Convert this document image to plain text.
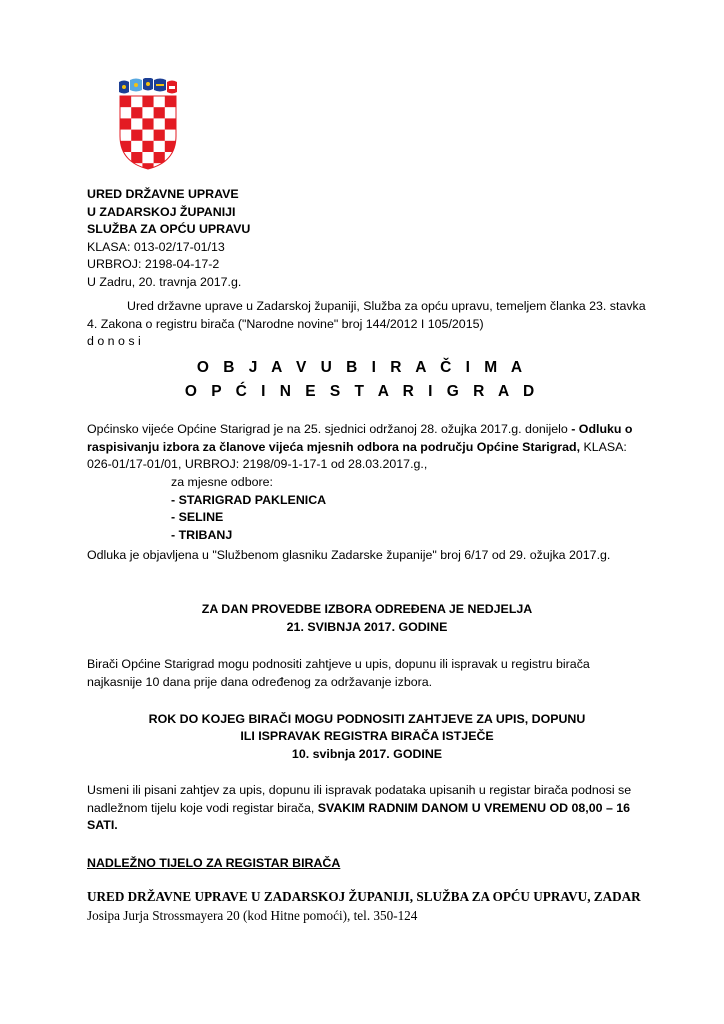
URED DRŽAVNE UPRAVE
U ZADARSKOJ ŽUPANIJI
SLUŽBA ZA OPĆU UPRAVU
KLASA: 013-02/17-01/13
URBROJ: 2198-04-17-2
U Zadru, 20. travnja 2017.g.
Ured državne uprave u Zadarskoj županiji, Služba za opću upravu, temeljem članka 23. stavka 4. Zakona o registru birača ("Narodne novine" broj 144/2012 I 105/2015)
d o n o s i
O B J A V U B I R A Č I M A
O P Ć I N E S T A R I G R A D
Općinsko vijeće Općine Starigrad je na 25. sjednici održanoj 28. ožujka 2017.g. donijelo - Odluku o raspisivanju izbora za članove vijeća mjesnih odbora na području Općine Starigrad, KLASA: 026-01/17-01/01, URBROJ: 2198/09-1-17-1 od 28.03.2017.g.,
za mjesne odbore:
- STARIGRAD PAKLENICA
- SELINE
- TRIBANJ
Odluka je objavljena u "Službenom glasniku Zadarske županije" broj 6/17 od 29. ožujka 2017.g.
ZA DAN PROVEDBE IZBORA ODREĐENA JE NEDJELJA
21. SVIBNJA 2017. GODINE
Birači Općine Starigrad mogu podnositi zahtjeve u upis, dopunu ili ispravak u registru birača najkasnije 10 dana prije dana određenog za održavanje izbora.
ROK DO KOJEG BIRAČI MOGU PODNOSITI ZAHTJEVE ZA UPIS, DOPUNU
ILI ISPRAVAK REGISTRA BIRAČA ISTJEČE
10. svibnja 2017. GODINE
Usmeni ili pisani zahtjev za upis, dopunu ili ispravak podataka upisanih u registar birača podnosi se nadležnom tijelu koje vodi registar birača, SVAKIM RADNIM DANOM U VREMENU OD 08,00 – 16 SATI.
NADLEŽNO TIJELO ZA REGISTAR BIRAČA
URED DRŽAVNE UPRAVE U ZADARSKOJ ŽUPANIJI, SLUŽBA ZA OPĆU UPRAVU, ZADAR Josipa Jurja Strossmayera 20 (kod Hitne pomoći), tel. 350-124
